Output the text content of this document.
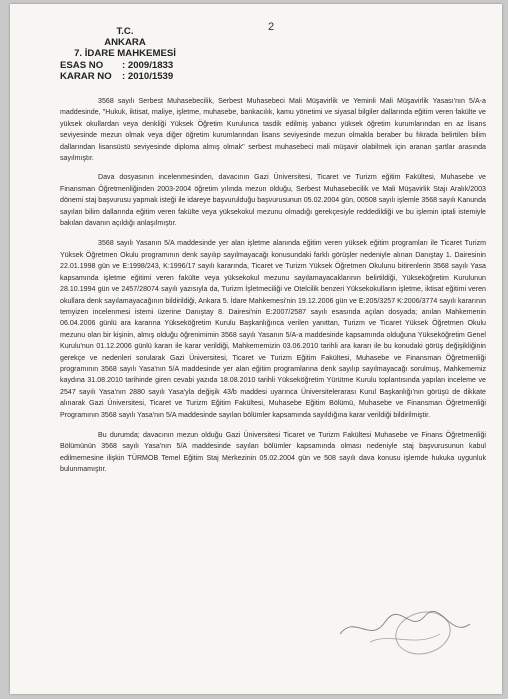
2
T.C.
ANKARA
7. İDARE MAHKEMESİ
ESAS NO	: 2009/1833
KARAR NO	: 2010/1539

3568 sayılı Serbest Muhasebecilik, Serbest Muhasebeci Mali Müşavirlik ve Yeminli Mali Müşavirlik Yasası'nın 5/A-a maddesinde, "Hukuk, iktisat, maliye, işletme, muhasebe, bankacılık, kamu yönetimi ve siyasal bilgiler dallarında eğitim veren fakülte ve yüksek okullardan veya denkliği Yüksek Öğretim Kurulunca tasdik edilmiş yabancı yüksek öğretim kurumlarından en az lisans seviyesinde mezun olmak veya diğer öğretim kurumlarından lisans seviyesinde mezun olmakla beraber bu fıkrada belirtilen bilim dallarından lisansüstü seviyesinde diploma almış olmak" serbest muhasebeci mali müşavir olabilmek için aranan şartlar arasında sayılmıştır.

Dava dosyasının incelenmesinden, davacının Gazi Üniversitesi, Ticaret ve Turizm eğitim Fakültesi, Muhasebe ve Finansman Öğretmenliğinden 2003-2004 öğretim yılında mezun olduğu, Serbest Muhasebecilik ve Mali Müşavirlik Stajı Aralık/2003 dönemi staj başvurusu yapmak isteği ile idareye başvurulduğu başvurusunun 05.02.2004 gün, 00508 sayılı işlemle 3568 sayılı Kanunda sayılan bilim dallarında eğitim veren fakülte veya yüksekokul mezunu olmadığı gerekçesiyle reddedildiği ve bu işlemin iptali istemiyle bakılan davanın açıldığı anlaşılmıştır.

3568 sayılı Yasanın 5/A maddesinde yer alan işletme alanında eğitim veren yüksek eğitim programları ile Ticaret Turizm Yüksek Öğretmen Okulu programının denk sayılıp sayılmayacağı konusundaki farklı görüşler nedeniyle alınan Danıştay 1. Dairesinin 22.01.1998 gün ve E:1998/243, K:1996/17 sayılı kararında, Ticaret ve Turizm Yüksek Öğretmen Okulunu bitirenlerin 3568 sayılı Yasa kapsamında işletme eğitimi veren fakülte veya yüksekokul mezunu sayılamayacaklarının belirtildiği, Yükseköğretim Kurulunun 28.10.1994 gün ve 2457/28074 sayılı yazısıyla da, Turizm İşletmeciliği ve Otelcilik benzeri Yüksekokulların işletme, iktisat eğitimi veren okullara denk sayılamayacağının bildirildiği, Ankara 5. İdare Mahkemesi'nin 19.12.2006 gün ve E:205/3257 K:2006/3774 sayılı kararının temyizen incelenmesi istemi üzerine Danıştay 8. Dairesi'nin E:2007/2587 sayılı esasında açılan dosyada; anılan Mahkemenin 06.04.2006 günlü ara kararına Yükseköğretim Kurulu Başkanlığınca verilen yanıttan, Turizm ve Ticaret Yüksek Öğretmen Okulu mezunu olan bir kişinin, almış olduğu öğrenimimin 3568 sayılı Yasanın 5/A-a maddesinde kapsamında olduğuna Yükseköğretim Genel Kurulu'nun 01.12.2006 günlü kararı ile karar verildiği, Mahkememizin 03.06.2010 tarihli ara kararı ile bu konudaki görüş değişikliğinin gerekçe ve nedenleri sorularak Gazi Üniversitesi, Ticaret ve Turizm Eğitim Fakültesi, Muhasebe ve Finansman Öğretmenliği programının 3568 sayılı Yasa'nın 5/A maddesinde yer alan eğitim programlarına denk sayılıp sayılmayacağı sorulmuş, Mahkememiz kaydına 31.08.2010 tarihinde giren cevabi yazıda 18.08.2010 tarihli Yükseköğretim Yürütme Kurulu toplantısında yapılan inceleme ve 2547 sayılı Yasa'nın 2880 sayılı Yasa'yla değişik 43/b maddesi uyarınca Üniversitelerarası Kurul Başkanlığı'nın görüşü de dikkate alınarak Gazi Üniversitesi, Ticaret ve Turizm Eğitim Fakültesi, Muhasebe Eğitim Bölümü, Muhasebe ve Finansman Öğretmenliği Programının 3568 sayılı Yasa'nın 5/A maddesinde sayılan bölümler kapsamında sayıldığına karar verildiği bildirilmiştir.

Bu durumda; davacının mezun olduğu Gazi Üniversitesi Ticaret ve Turizm Fakültesi Muhasebe ve Finans Öğretmenliği Bölümünün 3568 sayılı Yasa'nın 5/A maddesinde sayılan bölümler kapsamında olması nedeniyle staj başvurusunun kabul edilmemesine ilişkin TÜRMOB Temel Eğitim Staj Merkezinin 05.02.2004 gün ve 508 sayılı dava konusu işlemde hukuka uygunluk bulunmamıştır.
